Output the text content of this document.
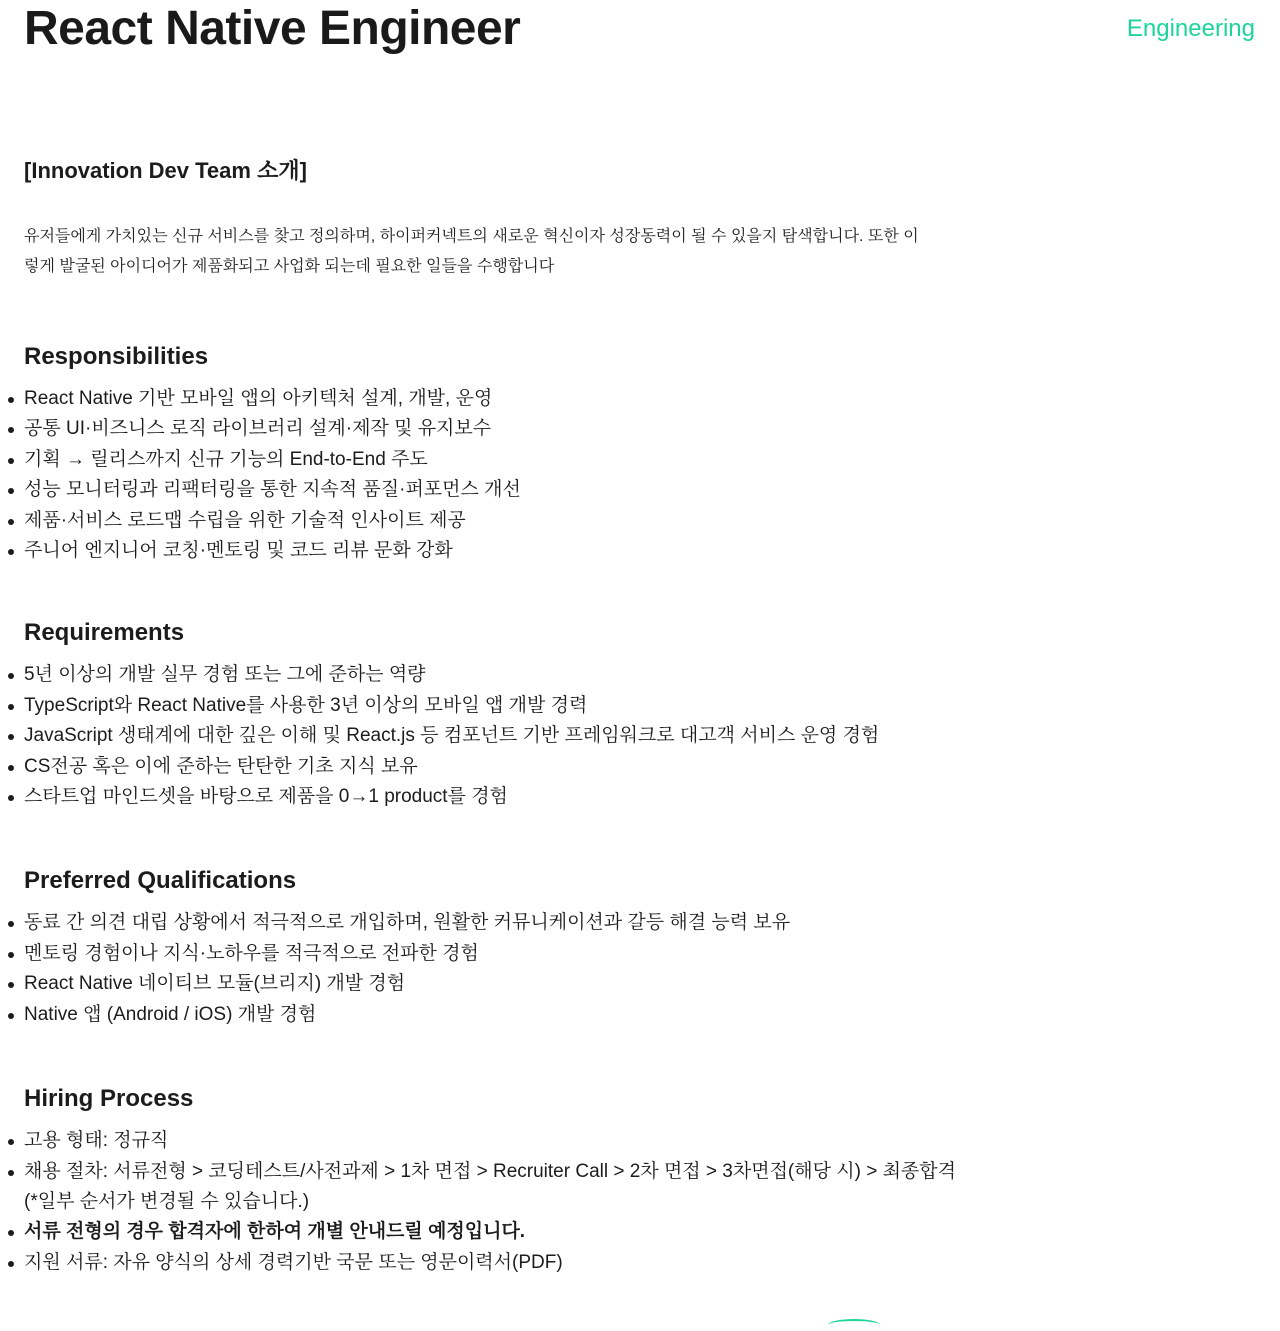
React Native Engineer	Engineering
[Innovation Dev Team 소개]

유저들에게 가치있는 신규 서비스를 찾고 정의하며, 하이퍼커넥트의 새로운 혁신이자 성장동력이 될 수 있을지 탐색합니다. 또한 이렇게 발굴된 아이디어가 제품화되고 사업화 되는데 필요한 일들을 수행합니다

Responsibilities
React Native 기반 모바일 앱의 아키텍처 설계, 개발, 운영
공통 UI·비즈니스 로직 라이브러리 설계·제작 및 유지보수
기획 → 릴리스까지 신규 기능의 End-to-End 주도
성능 모니터링과 리팩터링을 통한 지속적 품질·퍼포먼스 개선
제품·서비스 로드맵 수립을 위한 기술적 인사이트 제공
주니어 엔지니어 코칭·멘토링 및 코드 리뷰 문화 강화
Requirements
5년 이상의 개발 실무 경험 또는 그에 준하는 역량
TypeScript와 React Native를 사용한 3년 이상의 모바일 앱 개발 경력
JavaScript 생태계에 대한 깊은 이해 및 React.js 등 컴포넌트 기반 프레임워크로 대고객 서비스 운영 경험
CS전공 혹은 이에 준하는 탄탄한 기초 지식 보유
스타트업 마인드셋을 바탕으로 제품을 0→1 product를 경험
Preferred Qualifications
동료 간 의견 대립 상황에서 적극적으로 개입하며, 원활한 커뮤니케이션과 갈등 해결 능력 보유
멘토링 경험이나 지식·노하우를 적극적으로 전파한 경험
React Native 네이티브 모듈(브리지) 개발 경험
Native 앱 (Android / iOS) 개발 경험
Hiring Process
고용 형태: 정규직
채용 절차: 서류전형 > 코딩테스트/사전과제 > 1차 면접 > Recruiter Call > 2차 면접 > 3차면접(해당 시) > 최종합격
(*일부 순서가 변경될 수 있습니다.)
서류 전형의 경우 합격자에 한하여 개별 안내드릴 예정입니다.
지원 서류: 자유 양식의 상세 경력기반 국문 또는 영문이력서(PDF)
